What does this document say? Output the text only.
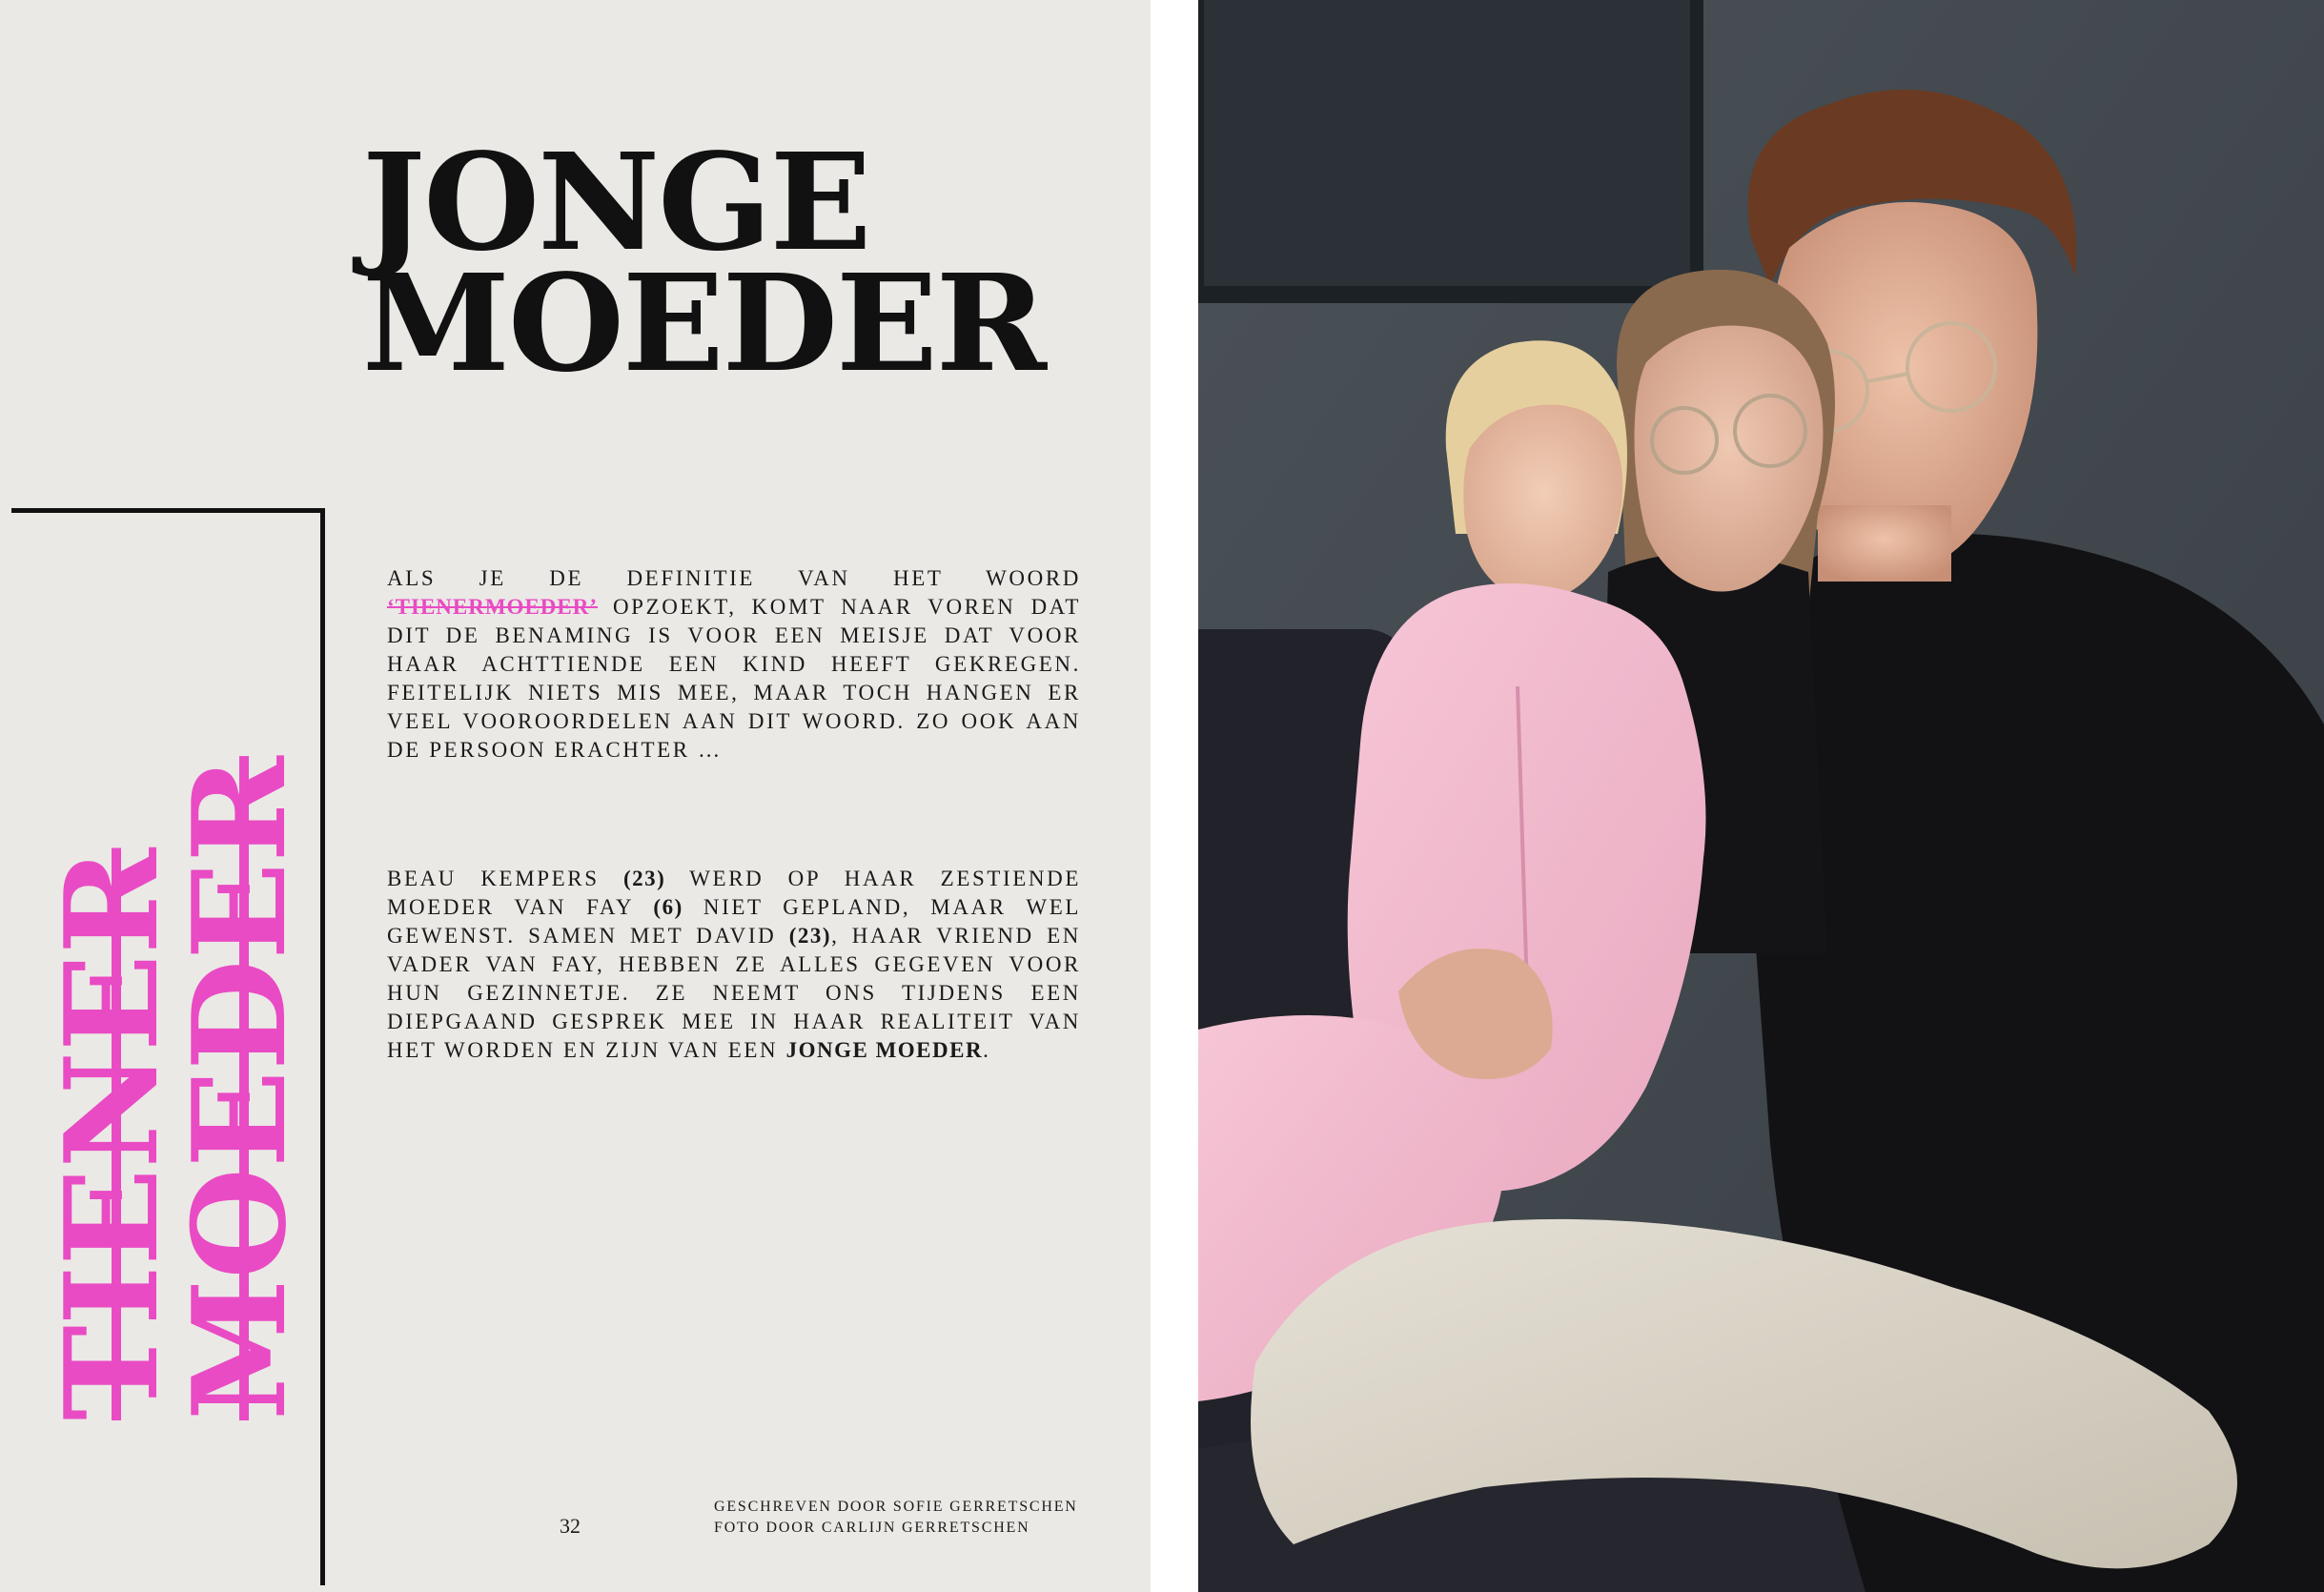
JONGE
MOEDER
TIENER
MOEDER

ALS JE DE DEFINITIE VAN HET WOORD ‘TIENERMOEDER’ OPZOEKT, KOMT NAAR VOREN DAT DIT DE BENAMING IS VOOR EEN MEISJE DAT VOOR HAAR ACHTTIENDE EEN KIND HEEFT GEKREGEN. FEITELIJK NIETS MIS MEE, MAAR TOCH HANGEN ER VEEL VOOROORDELEN AAN DIT WOORD. ZO OOK AAN DE PERSOON ERACHTER …

BEAU KEMPERS (23) WERD OP HAAR ZESTIENDE MOEDER VAN FAY (6) NIET GEPLAND, MAAR WEL GEWENST. SAMEN MET DAVID (23), HAAR VRIEND EN VADER VAN FAY, HEBBEN ZE ALLES GEGEVEN VOOR HUN GEZINNETJE. ZE NEEMT ONS TIJDENS EEN DIEPGAAND GESPREK MEE IN HAAR REALITEIT VAN HET WORDEN EN ZIJN VAN EEN JONGE MOEDER.

32
GESCHREVEN DOOR SOFIE GERRETSCHEN
FOTO DOOR CARLIJN GERRETSCHEN
